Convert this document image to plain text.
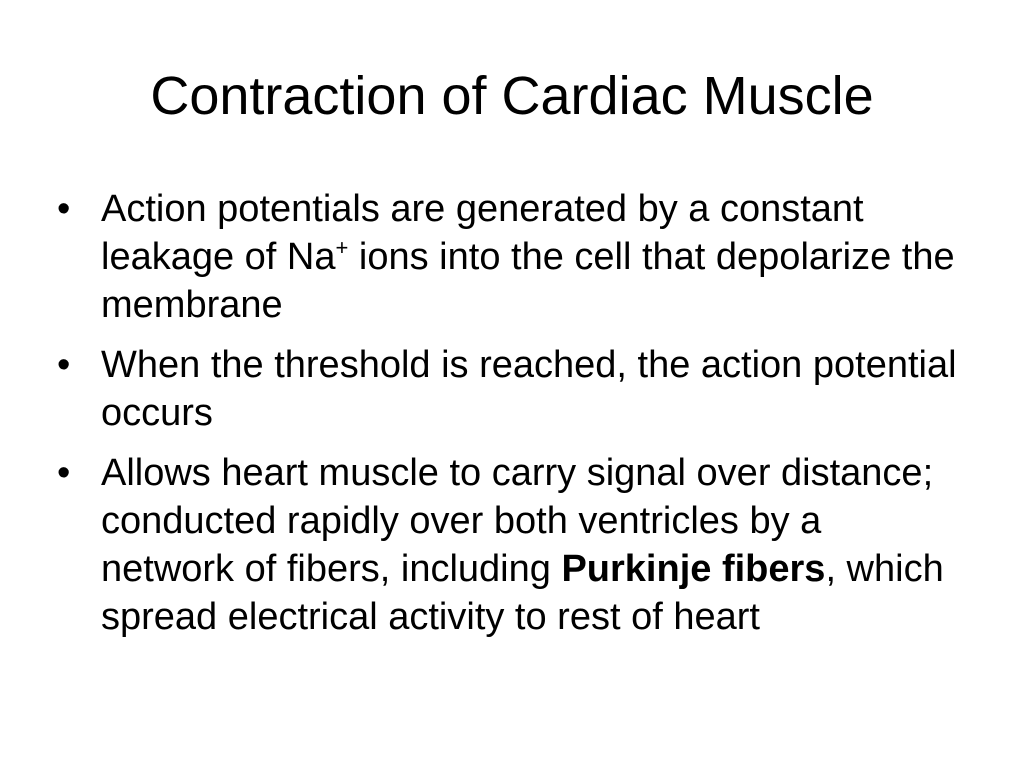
Contraction of Cardiac Muscle
• Action potentials are generated by a constant leakage of Na+ ions into the cell that depolarize the membrane
• When the threshold is reached, the action potential occurs
• Allows heart muscle to carry signal over distance; conducted rapidly over both ventricles by a network of fibers, including Purkinje fibers, which spread electrical activity to rest of heart
